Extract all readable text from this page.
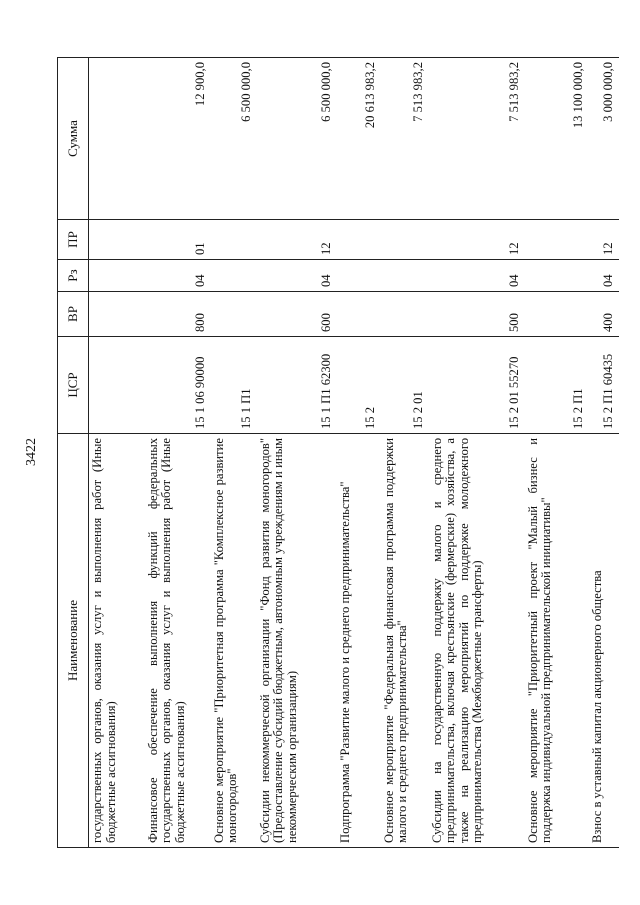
3422
Наименование	ЦСР	ВР	Рз	ПР	Сумма
государственных органов, оказания услуг и выполнения работ (Иные бюджетные ассигнования)					
Финансовое обеспечение выполнения функций федеральных государственных органов, оказания услуг и выполнения работ (Иные бюджетные ассигнования)	15 1 06 90000	800	04	01	12 900,0
Основное мероприятие "Приоритетная программа "Комплексное развитие моногородов"	15 1 П1				6 500 000,0
Субсидии некоммерческой организации "Фонд развития моногородов" (Предоставление субсидий бюджетным, автономным учреждениям и иным некоммерческим организациям)	15 1 П1 62300	600	04	12	6 500 000,0
Подпрограмма "Развитие малого и среднего предпринимательства"	15 2				20 613 983,2
Основное мероприятие "Федеральная финансовая программа поддержки малого и среднего предпринимательства"	15 2 01				7 513 983,2
Субсидии на государственную поддержку малого и среднего предпринимательства, включая крестьянские (фермерские) хозяйства, а также на реализацию мероприятий по поддержке молодежного предпринимательства (Межбюджетные трансферты)	15 2 01 55270	500	04	12	7 513 983,2
Основное мероприятие "Приоритетный проект "Малый бизнес и поддержка индивидуальной предпринимательской инициативы"	15 2 П1				13 100 000,0
Взнос в уставный капитал акционерного общества	15 2 П1 60435	400	04	12	3 000 000,0
